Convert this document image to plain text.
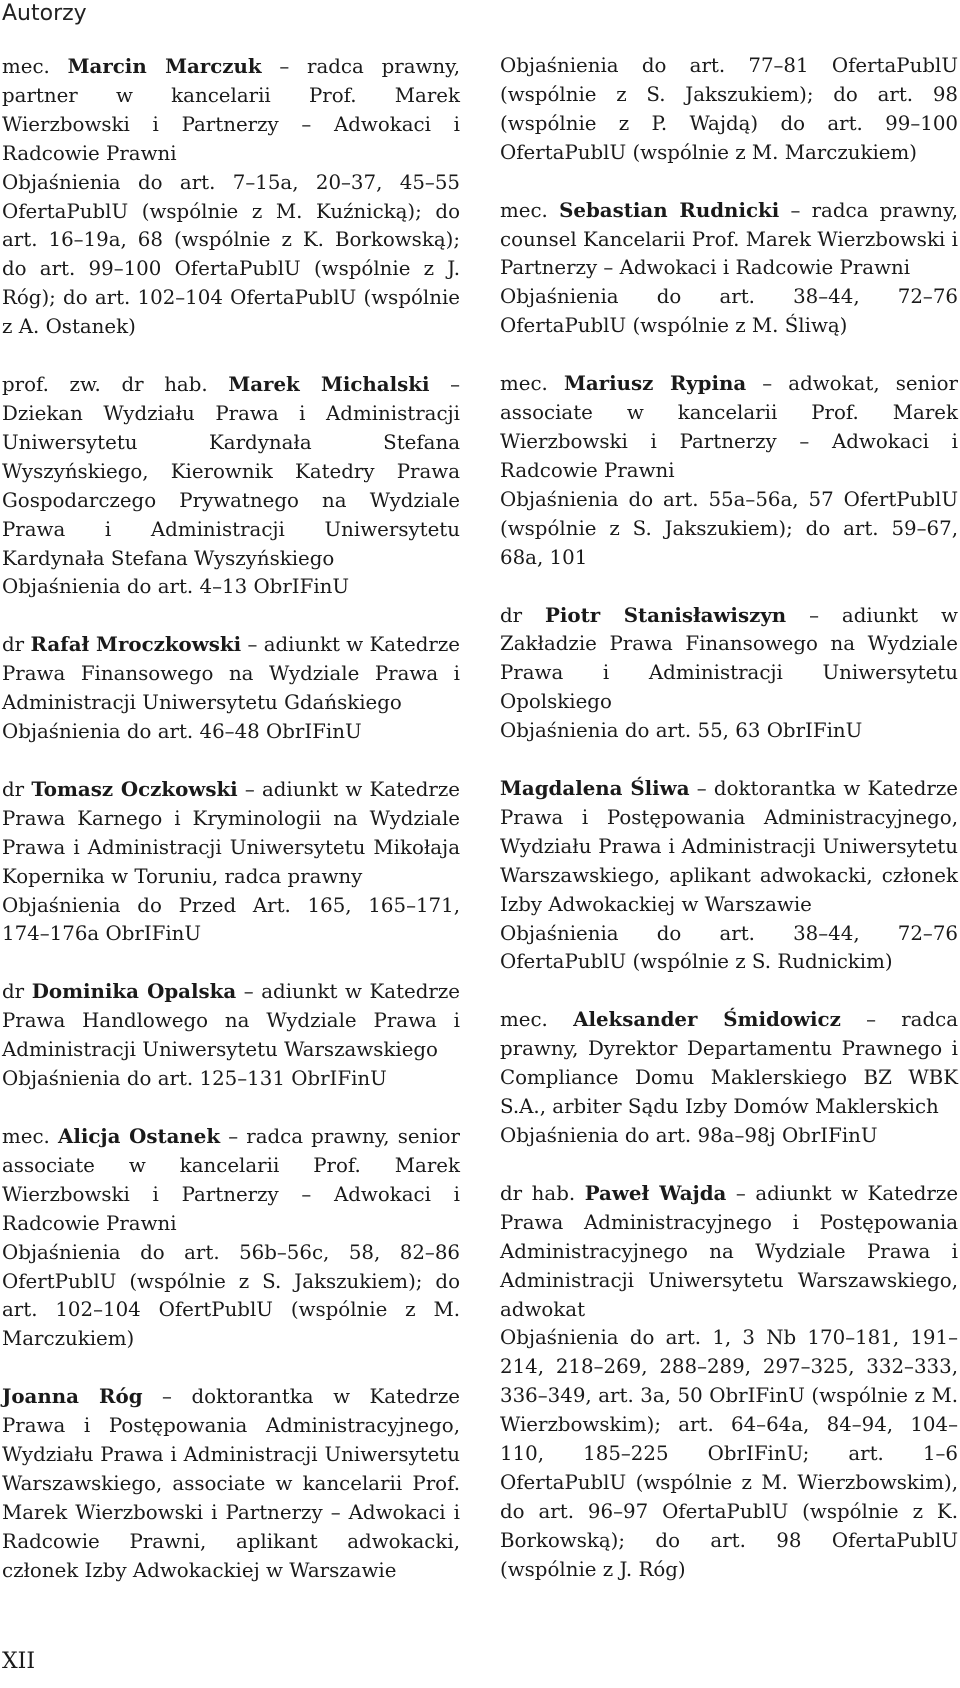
Autorzy

mec. Marcin Marczuk – radca prawny, partner w kancelarii Prof. Marek Wierzbowski i Partnerzy – Adwokaci i Radcowie Prawni

Objaśnienia do art. 7–15a, 20–37, 45–55 OfertaPublU (wspólnie z M. Kuźnicką); do art. 16–19a, 68 (wspólnie z K. Borkowską); do art. 99–100 OfertaPublU (wspólnie z J. Róg); do art. 102–104 OfertaPublU (wspólnie z A. Ostanek)

prof. zw. dr hab. Marek Michalski – Dziekan Wydziału Prawa i Administracji Uniwersytetu Kardynała Stefana Wyszyńskiego, Kierownik Katedry Prawa Gospodarczego Prywatnego na Wydziale Prawa i Administracji Uniwersytetu Kardynała Stefana Wyszyńskiego

Objaśnienia do art. 4–13 ObrIFinU

dr Rafał Mroczkowski – adiunkt w Katedrze Prawa Finansowego na Wydziale Prawa i Administracji Uniwersytetu Gdańskiego

Objaśnienia do art. 46–48 ObrIFinU

dr Tomasz Oczkowski – adiunkt w Katedrze Prawa Karnego i Kryminologii na Wydziale Prawa i Administracji Uniwersytetu Mikołaja Kopernika w Toruniu, radca prawny

Objaśnienia do Przed Art. 165, 165–171, 174–176a ObrIFinU

dr Dominika Opalska – adiunkt w Katedrze Prawa Handlowego na Wydziale Prawa i Administracji Uniwersytetu Warszawskiego

Objaśnienia do art. 125–131 ObrIFinU

mec. Alicja Ostanek – radca prawny, senior associate w kancelarii Prof. Marek Wierzbowski i Partnerzy – Adwokaci i Radcowie Prawni

Objaśnienia do art. 56b–56c, 58, 82–86 OfertPublU (wspólnie z S. Jakszukiem); do art. 102–104 OfertPublU (wspólnie z M. Marczukiem)

Joanna Róg – doktorantka w Katedrze Prawa i Postępowania Administracyjnego, Wydziału Prawa i Administracji Uniwersytetu Warszawskiego, associate w kancelarii Prof. Marek Wierzbowski i Partnerzy – Adwokaci i Radcowie Prawni, aplikant adwokacki, członek Izby Adwokackiej w Warszawie

Objaśnienia do art. 77–81 OfertaPublU (wspólnie z S. Jakszukiem); do art. 98 (wspólnie z P. Wajdą) do art. 99–100 OfertaPublU (wspólnie z M. Marczukiem)

mec. Sebastian Rudnicki – radca prawny, counsel Kancelarii Prof. Marek Wierzbowski i Partnerzy – Adwokaci i Radcowie Prawni

Objaśnienia do art. 38–44, 72–76 OfertaPublU (wspólnie z M. Śliwą)

mec. Mariusz Rypina – adwokat, senior associate w kancelarii Prof. Marek Wierzbowski i Partnerzy – Adwokaci i Radcowie Prawni

Objaśnienia do art. 55a–56a, 57 OfertPublU (wspólnie z S. Jakszukiem); do art. 59–67, 68a, 101

dr Piotr Stanisławiszyn – adiunkt w Zakładzie Prawa Finansowego na Wydziale Prawa i Administracji Uniwersytetu Opolskiego

Objaśnienia do art. 55, 63 ObrIFinU

Magdalena Śliwa – doktorantka w Katedrze Prawa i Postępowania Administracyjnego, Wydziału Prawa i Administracji Uniwersytetu Warszawskiego, aplikant adwokacki, członek Izby Adwokackiej w Warszawie

Objaśnienia do art. 38–44, 72–76 OfertaPublU (wspólnie z S. Rudnickim)

mec. Aleksander Śmidowicz – radca prawny, Dyrektor Departamentu Prawnego i Compliance Domu Maklerskiego BZ WBK S.A., arbiter Sądu Izby Domów Maklerskich

Objaśnienia do art. 98a–98j ObrIFinU

dr hab. Paweł Wajda – adiunkt w Katedrze Prawa Administracyjnego i Postępowania Administracyjnego na Wydziale Prawa i Administracji Uniwersytetu Warszawskiego, adwokat

Objaśnienia do art. 1, 3 Nb 170–181, 191–214, 218–269, 288–289, 297–325, 332–333, 336–349, art. 3a, 50 ObrIFinU (wspólnie z M. Wierzbowskim); art. 64–64a, 84–94, 104–110, 185–225 ObrIFinU; art. 1–6 OfertaPublU (wspólnie z M. Wierzbowskim), do art. 96–97 OfertaPublU (wspólnie z K. Borkowską); do art. 98 OfertaPublU (wspólnie z J. Róg)

XII
